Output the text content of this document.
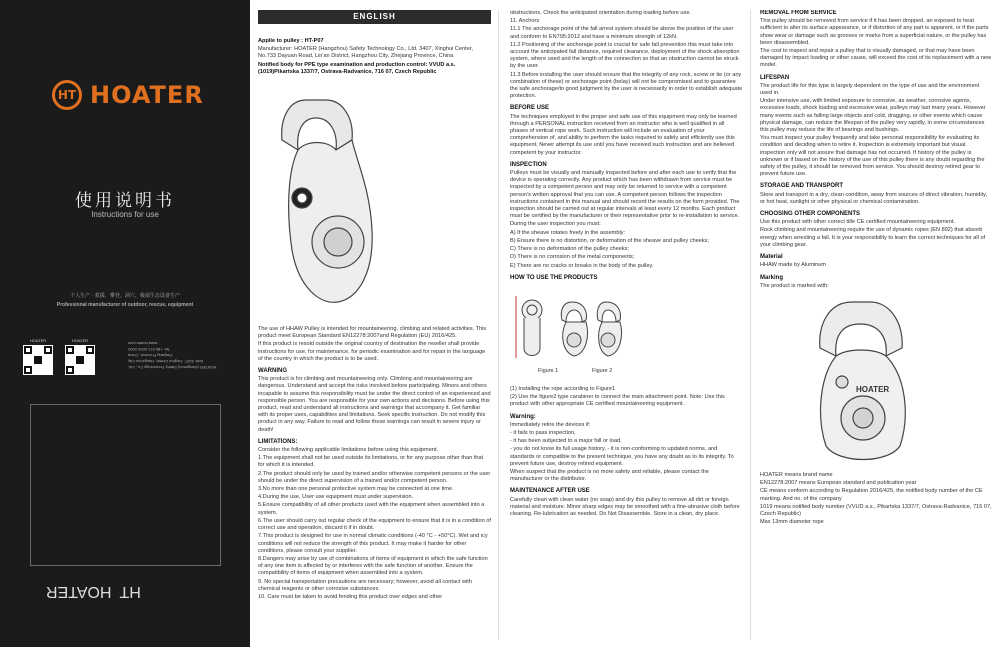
HT HOATER
使用说明书
Instructions for use
个人生产 · 救援、攀登、洞穴、极端生态设备生产
Professional manufacturer of outdoor, rescue, equipment
HOATER	HOATER
HOATER (Hangzhou) Safety Technology Co., Ltd.
Add: 3407, Xinghui Center, Hangzhou City
Zhejiang Province, China
Tel: +86 571 0000 0000
www.hoater.com
HT
HOATER
ENGLISH

Applie to pulley : HT-P07

Manufacturer: HOATER (Hangzhou) Safety Technology Co., Ltd. 3407, Xinghui Center, No.733 Dayuan Road, Lin'an District, Hangzhou City, Zhejiang Province, China

Notified body for PPE type examination and production control: VVUD a.s. (1019)Pikartska 1337/7, Ostrava-Radvanice, 716 07, Czech Republic

The use of HHAW Pulley is intended for mountaineering, climbing and related activities. This product meet European Standard EN12278:2007and Regulation (EU) 2016/425.

If this product is resold outside the original country of destination the reseller shall provide instructions for use, for maintenance, for periodic examination and for repair in the language of the country in which the product is to be used.

WARNING

This product is for climbing and mountaineering only. Climbing and mountaineering are dangerous. Understand and accept the risks involved before participating. Minors and others incapable to assume this responsibility must be under the direct control of an experienced and responsible person. You are responsible for your own actions and decisions. Before using this product, read and understand all instructions and warnings that accompany it. Get familiar with its proper uses, capabilities and limitations. Seek specific instruction. Do not modify this product in any way. Failure to read and follow these warnings can result in severe injury or death!

LIMITATIONS:

Consider the following applicable limitations before using this equipment.

1.The equipment shall not be used outside its limitations, or for any purpose other than that for which it is intended.

2.The product should only be used by trained and/or otherwise competent persons or the user should be under the direct supervision of a trained and/or competent person.

3.No more than one personal protective system may be connected at one time.

4.During the use, User use equipment must under supervision.

5.Ensure compatibility of all other products used with the equipment when assembled into a system.

6.The user should carry out regular check of the equipment to ensure that it is in a condition of correct use and operation, discard it if in doubt.

7.This product is designed for use in normal climatic conditions (-40 °C - +50°C). Wet and icy conditions will not reduce the strength of this product. It may make it harder for other conditions, please consult your supplier.

8.Dangers may arise by use of combinations of items of equipment in which the safe function of any one item is affected by or interferes with the safe function of another. Ensure the compatibility of items of equipment when assembled into a system.

9. No special transportation precautions are necessary; however, avoid all contact with chemical reagents or other corrosive substances.

10. Care must be taken to avoid fending this product over edges and other

obstructions. Check the anticipated orientation during loading before use.

11. Anchors

11.1 The anchorage point of the fall arrest system should be above the position of the user and conform to EN795:2012 and have a minimum strength of 12kN.

11.2 Positioning of the anchorage point is crucial for safe fall prevention this must take into account the anticipated fall distance, required clearance, deployment of the shock absorption system, where used and the length of the connection so that an obstruction cannot be struck by the user.

11.3 Before installing the user should ensure that the integrity of any rock, screw or tie (or any combination of these) or anchorage point (belay) will not be compromised and to guarantee the safe anchorage/to good judgment by the user is necessarily in order to establish adequate protection.

BEFORE USE

The techniques employed in the proper and safe use of this equipment may only be learned through a PERSONAL instruction received from an instructor who is well qualified in all phases of vertical rope work. Such instruction will include an evaluation of your comprehension of, and ability to perform the tasks required to safely and efficiently use this equipment. Never attempt its use until you have received such instruction and are believed competent by your instructor.

INSPECTION

Pulleys must be visually and manually inspected before and after each use to verify that the device is operating correctly. Any product which has been withdrawn from service must be inspected by a competent person and may only be returned to service with a competent person's written approval that you can use. A competent person follows the inspection instructions contained in this manual and should record the results on the form provided. The inspection should be carried out at regular intervals at least every 12 months. Each product must be certified by the manufacturer or their representative prior to re-installation to service.

During the user inspection you must:

A) If the sheave rotates freely in the assembly:

B) Ensure there is no distortion, or deformation of the sheave and pulley cheeks;

C) There is no deformation of the pulley cheeks;

D) There is no corrosion of the metal components;

E) There are no cracks or breaks in the body of the pulley.

HOW TO USE THE PRODUCTS
Figure 1	Figure 2

(1) Installing the rope according to Figure1

(2) Use the figure2 type carabiner to connect the main attachment point. Note: Use this product with other appropriate CE certified mountaineering equipment.

Warning:

Immediately retire the devices if:

- it fails to pass inspection,

- it has been subjected to a major fall or load,

- you do not know its full usage history, - it is non-conforming to updated norms, and standards or compatible to the present technique, you have any doubt as to its integrity. To prevent future use, destroy retired equipment.

When suspect that the product is no more safety and reliable, please contact the manufacturer or the distributor.

MAINTENANCE AFTER USE

Carefully clean with clean water (no soap) and dry this pulley to remove all dirt or foreign material and moisture. Minor sharp edges may be smoothed with a fine-abrasive cloth before cleaning. Re-lubrication as needed. Do Not Disassemble. Store in a clean, dry place.

REMOVAL FROM SERVICE

This pulley should be removed from service if it has been dropped, an exposed to heat sufficient to alter its surface appearance, or if distortion of any part is apparent, or if the parts show wear or damage such as grooves or marks from a superficial nature, or the pulley has been disassembled.

The cost to inspect and repair a pulley that is visually damaged, or that may have been damaged by impact loading or other cause, will exceed the cost of its replacement with a new model.

LIFESPAN

The product life for this type is largely dependent on the type of use and the environment used in.

Under intensive use, with limited exposure to corrosive, as weather, corrosive agents, excessive loads, shock loading and excessive wear, pulleys may last many years. However many events such as falling large objects and cold, dragging, or other events which cause physical damage, can reduce the lifespan of the pulley very rapidly, in some circumstances this pulley may reduce the life of bearings and bushings.

You must inspect your pulley frequently and take personal responsibility for evaluating its condition and deciding when to retire it. Inspection is extremely important but visual inspection only will not assure that damage has not occurred. If history of the pulley is unknown or if based on the history of the use of this pulley there is any doubt regarding the safety of the pulley, it should be removed from service. You should destroy retired gear to prevent future use.

STORAGE AND TRANSPORT

Store and transport in a dry, clean condition, away from sources of direct vibration, humidity, or hot heat, sunlight or other physical or chemical contamination.

CHOOSING OTHER COMPONENTS

Use this product with other correct title CE certified mountaineering equipment.

Rock climbing and mountaineering require the use of dynamic ropes (EN 892) that absorb energy when arresting a fall. It is your responsibility to learn the correct techniques for all of your climbing gear.

Material

HHAW made by Aluminum

Marking

The product is marked with:

HOATER

HOATER means brand name

EN12278:2007 means European standard and publication year

CE means conform according to Regulation 2016/425, the notified body number of the CE marking. And no. of the company

1019 means notified body number (VVUD a.s., Pikartska 1337/7, Ostrava-Radvanice, 716 07, Czech Republic)

Max 13mm diameter rope
